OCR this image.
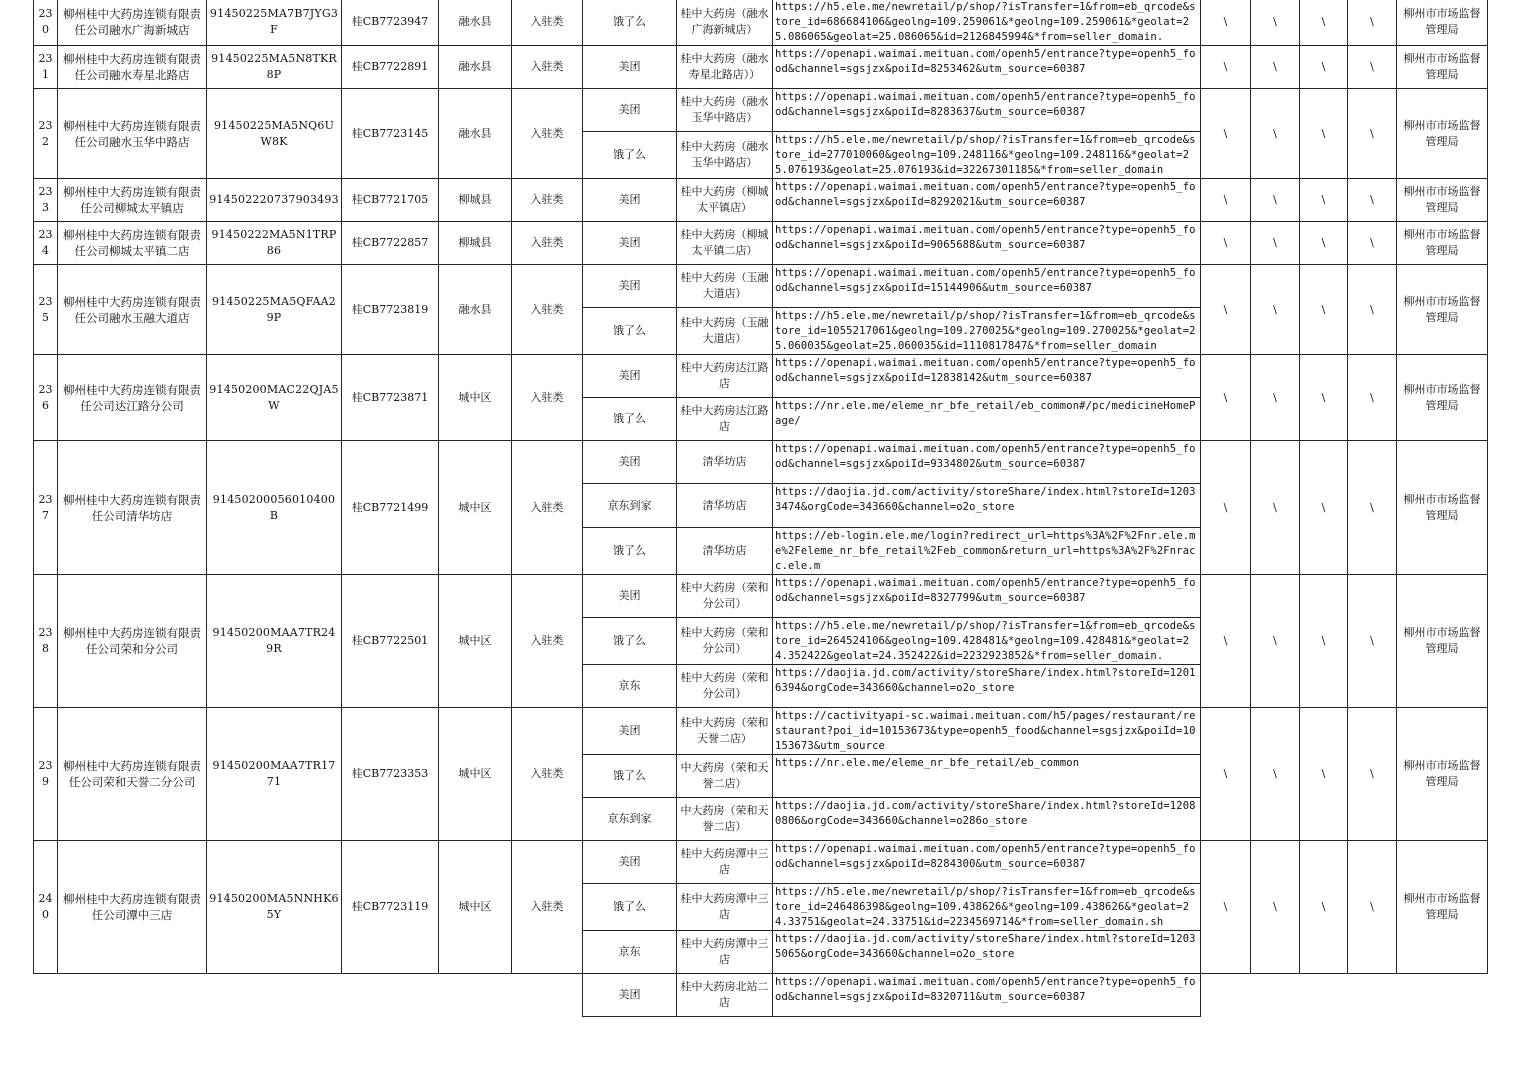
230	柳州桂中大药房连锁有限责任公司融水广海新城店	91450225MA7B7JYG3F	桂CB7723947	融水县	入驻类	饿了么	桂中大药房（融水广海新城店）	https://h5.ele.me/newretail/p/shop/?isTransfer=1&from=eb_qrcode&store_id=686684106&geolng=109.259061&*geolng=109.259061&*geolat=25.086065&geolat=25.086065&id=2126845994&*from=seller_domain.	\	\	\	\	柳州市市场监督管理局
231	柳州桂中大药房连锁有限责任公司融水寿星北路店	91450225MA5N8TKR8P	桂CB7722891	融水县	入驻类	美团	桂中大药房（融水寿星北路店））	https://openapi.waimai.meituan.com/openh5/entrance?type=openh5_food&channel=sgsjzx&poiId=8253462&utm_source=60387	\	\	\	\	柳州市市场监督管理局
232	柳州桂中大药房连锁有限责任公司融水玉华中路店	91450225MA5NQ6UW8K	桂CB7723145	融水县	入驻类	美团	桂中大药房（融水玉华中路店）	https://openapi.waimai.meituan.com/openh5/entrance?type=openh5_food&channel=sgsjzx&poiId=8283637&utm_source=60387	\	\	\	\	柳州市市场监督管理局
						饿了么	桂中大药房（融水玉华中路店）	https://h5.ele.me/newretail/p/shop/?isTransfer=1&from=eb_qrcode&store_id=277010060&geolng=109.248116&*geolng=109.248116&*geolat=25.076193&geolat=25.076193&id=32267301185&*from=seller_domain					

233	柳州桂中大药房连锁有限责任公司柳城太平镇店	914502220737903493	桂CB7721705	柳城县	入驻类	美团	桂中大药房（柳城太平镇店）	https://openapi.waimai.meituan.com/openh5/entrance?type=openh5_food&channel=sgsjzx&poiId=8292021&utm_source=60387	\	\	\	\	柳州市市场监督管理局
234	柳州桂中大药房连锁有限责任公司柳城太平镇二店	91450222MA5N1TRP86	桂CB7722857	柳城县	入驻类	美团	桂中大药房（柳城太平镇二店）	https://openapi.waimai.meituan.com/openh5/entrance?type=openh5_food&channel=sgsjzx&poiId=9065688&utm_source=60387	\	\	\	\	柳州市市场监督管理局
235	柳州桂中大药房连锁有限责任公司融水玉融大道店	91450225MA5QFAA29P	桂CB7723819	融水县	入驻类	美团	桂中大药房（玉融大道店）	https://openapi.waimai.meituan.com/openh5/entrance?type=openh5_food&channel=sgsjzx&poiId=15144906&utm_source=60387	\	\	\	\	柳州市市场监督管理局
						饿了么	桂中大药房（玉融大道店）	https://h5.ele.me/newretail/p/shop/?isTransfer=1&from=eb_qrcode&store_id=1055217061&geolng=109.270025&*geolng=109.270025&*geolat=25.060035&geolat=25.060035&id=1110817847&*from=seller_domain					

236	柳州桂中大药房连锁有限责任公司达江路分公司	91450200MAC22QJA5W	桂CB7723871	城中区	入驻类	美团	桂中大药房达江路店	https://openapi.waimai.meituan.com/openh5/entrance?type=openh5_food&channel=sgsjzx&poiId=12838142&utm_source=60387	\	\	\	\	柳州市市场监督管理局
						饿了么	桂中大药房达江路店	https://nr.ele.me/eleme_nr_bfe_retail/eb_common#/pc/medicineHomePage/					

237	柳州桂中大药房连锁有限责任公司清华坊店	91450200056010400B	桂CB7721499	城中区	入驻类	美团	清华坊店	https://openapi.waimai.meituan.com/openh5/entrance?type=openh5_food&channel=sgsjzx&poiId=9334802&utm_source=60387	\	\	\	\	柳州市市场监督管理局
						京东到家	清华坊店	https://daojia.jd.com/activity/storeShare/index.html?storeId=12033474&orgCode=343660&channel=o2o_store					

						饿了么	清华坊店	https://eb-login.ele.me/login?redirect_url=https%3A%2F%2Fnr.ele.me%2Feleme_nr_bfe_retail%2Feb_common&return_url=https%3A%2F%2Fnracc.ele.m					

238	柳州桂中大药房连锁有限责任公司荣和分公司	91450200MAA7TR249R	桂CB7722501	城中区	入驻类	美团	桂中大药房（荣和分公司）	https://openapi.waimai.meituan.com/openh5/entrance?type=openh5_food&channel=sgsjzx&poiId=8327799&utm_source=60387	\	\	\	\	柳州市市场监督管理局
						饿了么	桂中大药房（荣和分公司）	https://h5.ele.me/newretail/p/shop/?isTransfer=1&from=eb_qrcode&store_id=264524106&geolng=109.428481&*geolng=109.428481&*geolat=24.352422&geolat=24.352422&id=2232923852&*from=seller_domain.					

						京东	桂中大药房（荣和分公司）	https://daojia.jd.com/activity/storeShare/index.html?storeId=12016394&orgCode=343660&channel=o2o_store					

239	柳州桂中大药房连锁有限责任公司荣和天誉二分公司	91450200MAA7TR1771	桂CB7723353	城中区	入驻类	美团	桂中大药房（荣和天誉二店）	https://cactivityapi-sc.waimai.meituan.com/h5/pages/restaurant/restaurant?poi_id=10153673&type=openh5_food&channel=sgsjzx&poiId=10153673&utm_source	\	\	\	\	柳州市市场监督管理局
						饿了么	中大药房（荣和天誉二店）	https://nr.ele.me/eleme_nr_bfe_retail/eb_common					

						京东到家	中大药房（荣和天誉二店）	https://daojia.jd.com/activity/storeShare/index.html?storeId=12080806&orgCode=343660&channel=o286o_store					

240	柳州桂中大药房连锁有限责任公司潭中三店	91450200MA5NNHK65Y	桂CB7723119	城中区	入驻类	美团	桂中大药房潭中三店	https://openapi.waimai.meituan.com/openh5/entrance?type=openh5_food&channel=sgsjzx&poiId=8284300&utm_source=60387	\	\	\	\	柳州市市场监督管理局
						饿了么	桂中大药房潭中三店	https://h5.ele.me/newretail/p/shop/?isTransfer=1&from=eb_qrcode&store_id=246486398&geolng=109.438626&*geolng=109.438626&*geolat=24.33751&geolat=24.33751&id=2234569714&*from=seller_domain.sh					

						京东	桂中大药房潭中三店	https://daojia.jd.com/activity/storeShare/index.html?storeId=12035065&orgCode=343660&channel=o2o_store					

						美团	桂中大药房北站二店	https://openapi.waimai.meituan.com/openh5/entrance?type=openh5_food&channel=sgsjzx&poiId=8320711&utm_source=60387					
